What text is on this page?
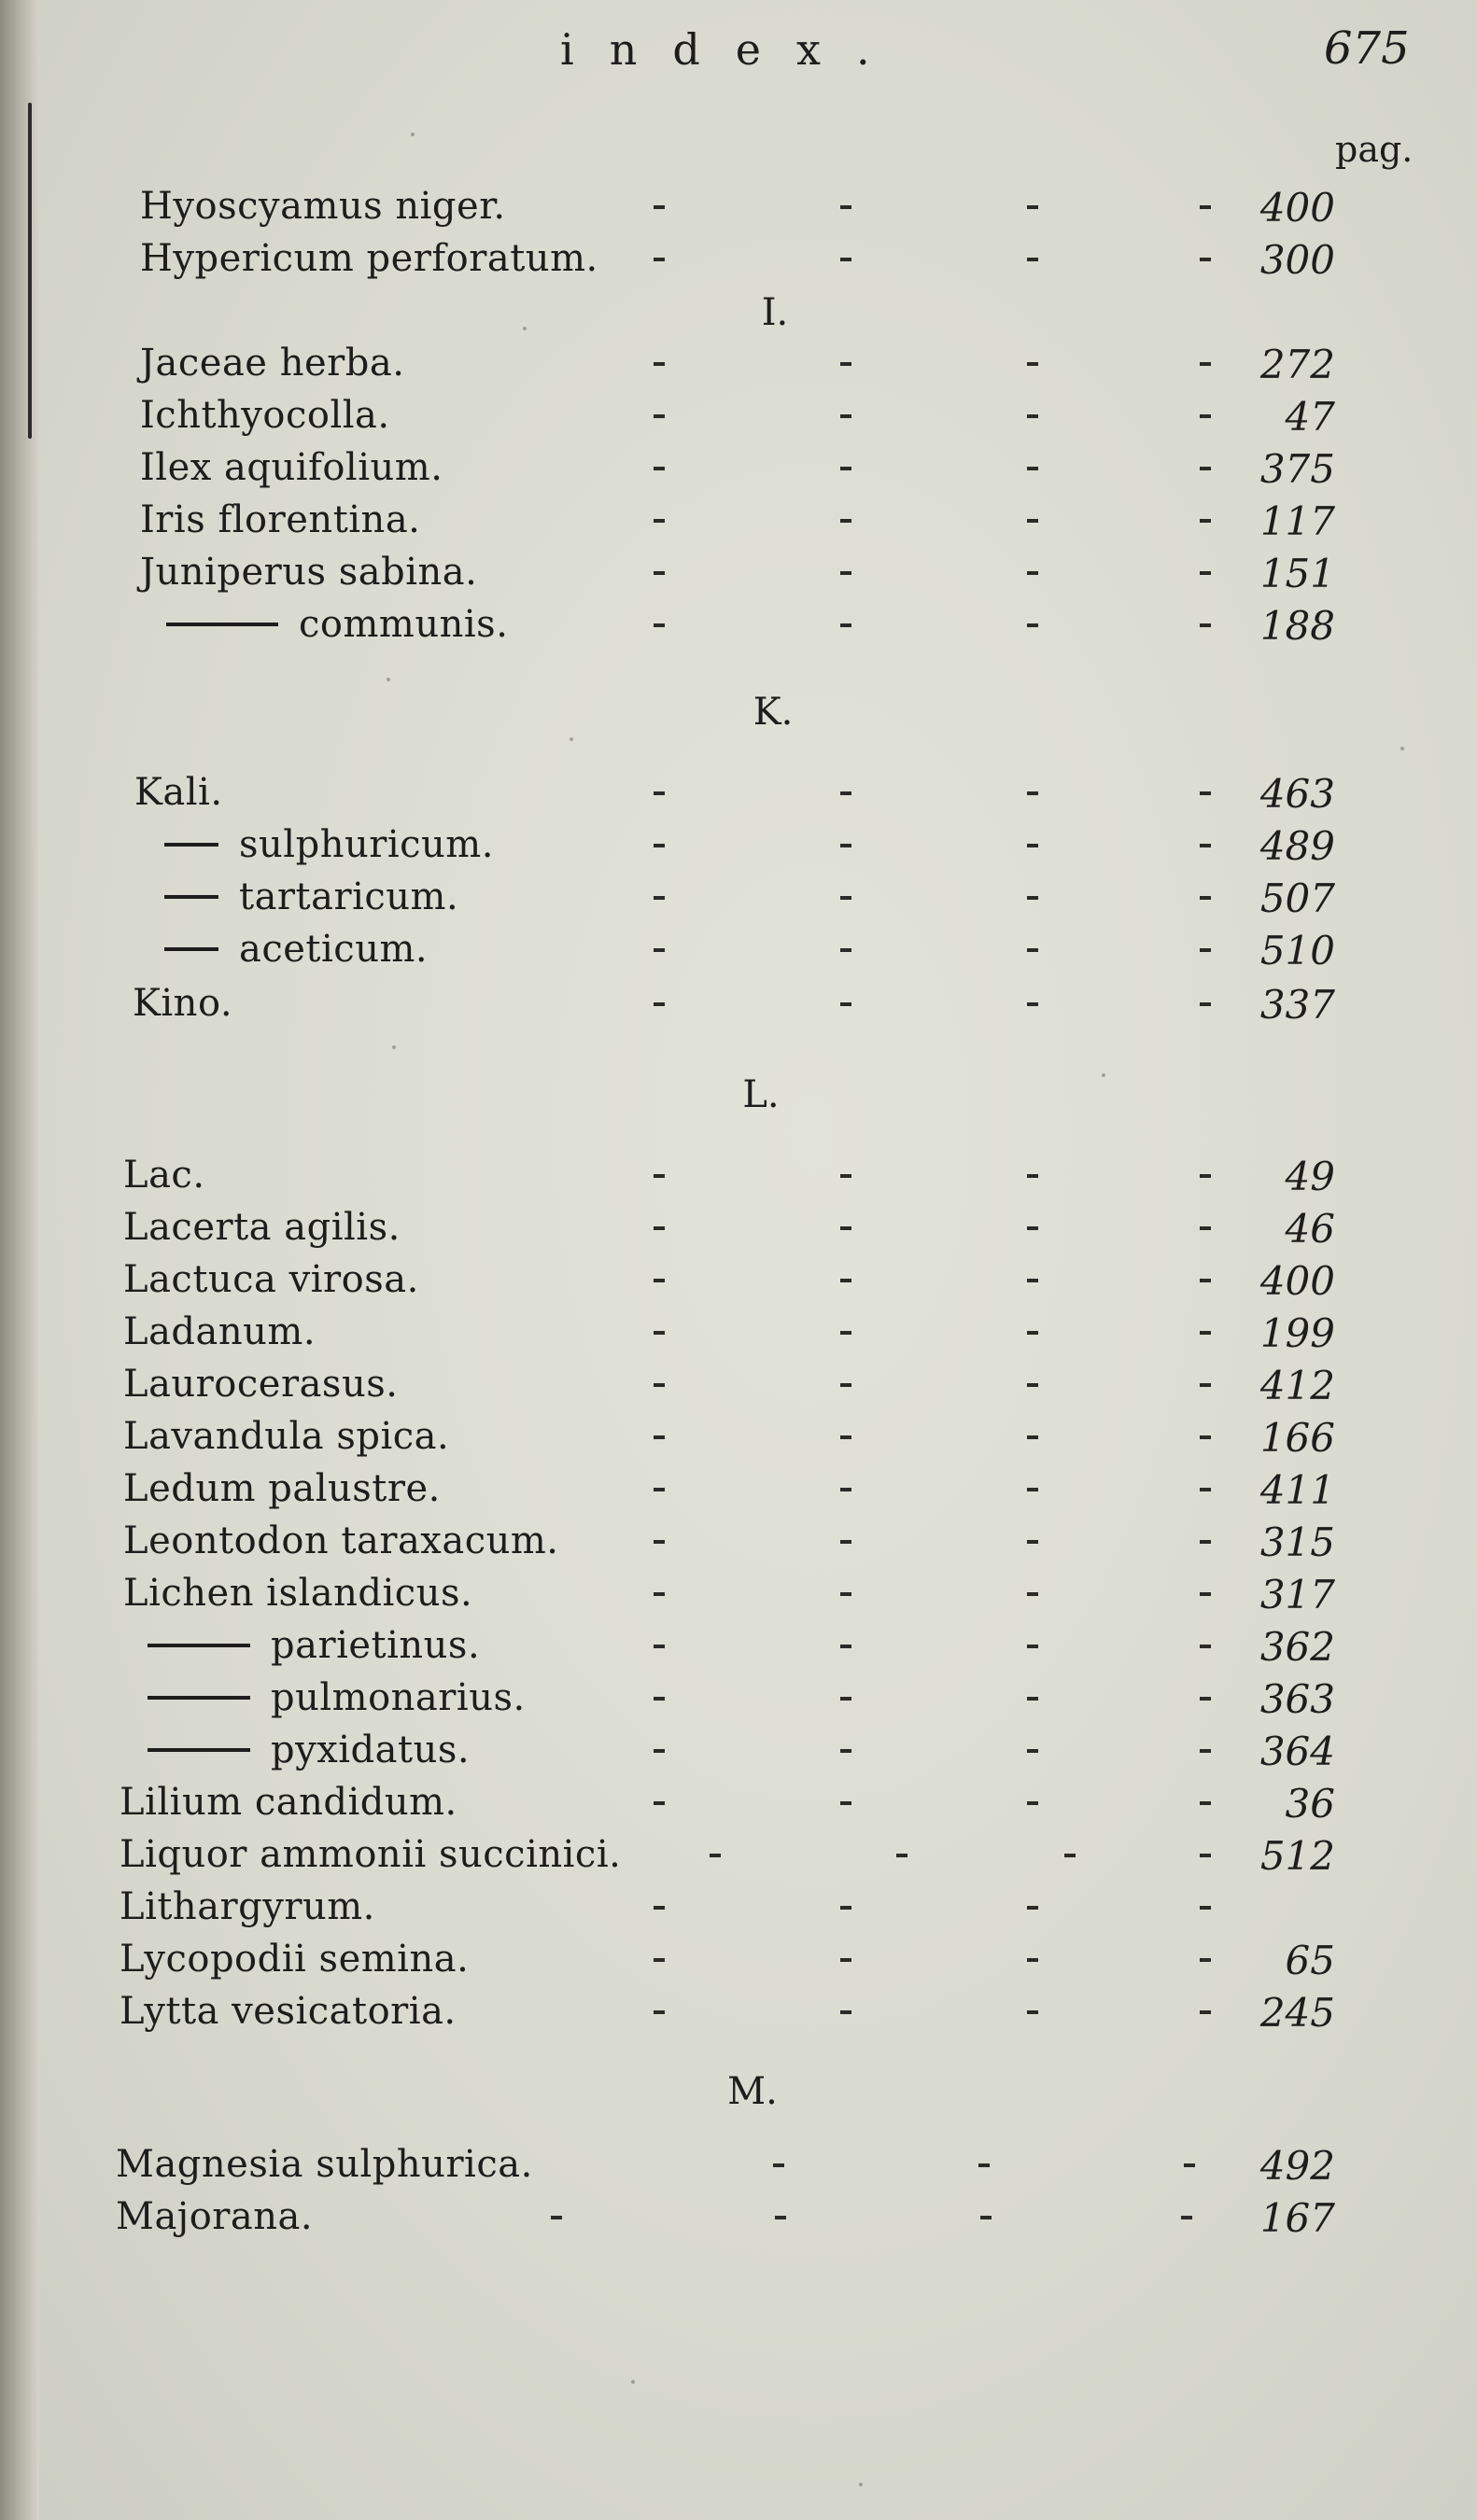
index.	675
pag.
Hyoscyamus niger.	400
Hypericum perforatum.	300
I.
Jaceae herba.	272
Ichthyocolla.	47
Ilex aquifolium.	375
Iris florentina.	117
Juniperus sabina.	151
communis.	188
K.
Kali.	463
sulphuricum.	489
tartaricum.	507
aceticum.	510
Kino.	337
L.
Lac.	49
Lacerta agilis.	46
Lactuca virosa.	400
Ladanum.	199
Laurocerasus.	412
Lavandula spica.	166
Ledum palustre.	411
Leontodon taraxacum.	315
Lichen islandicus.	317
parietinus.	362
pulmonarius.	363
pyxidatus.	364
Lilium candidum.	36
Liquor ammonii succinici.	512
Lithargyrum.
Lycopodii semina.	65
Lytta vesicatoria.	245
M.
Magnesia sulphurica.	492
Majorana.	167
